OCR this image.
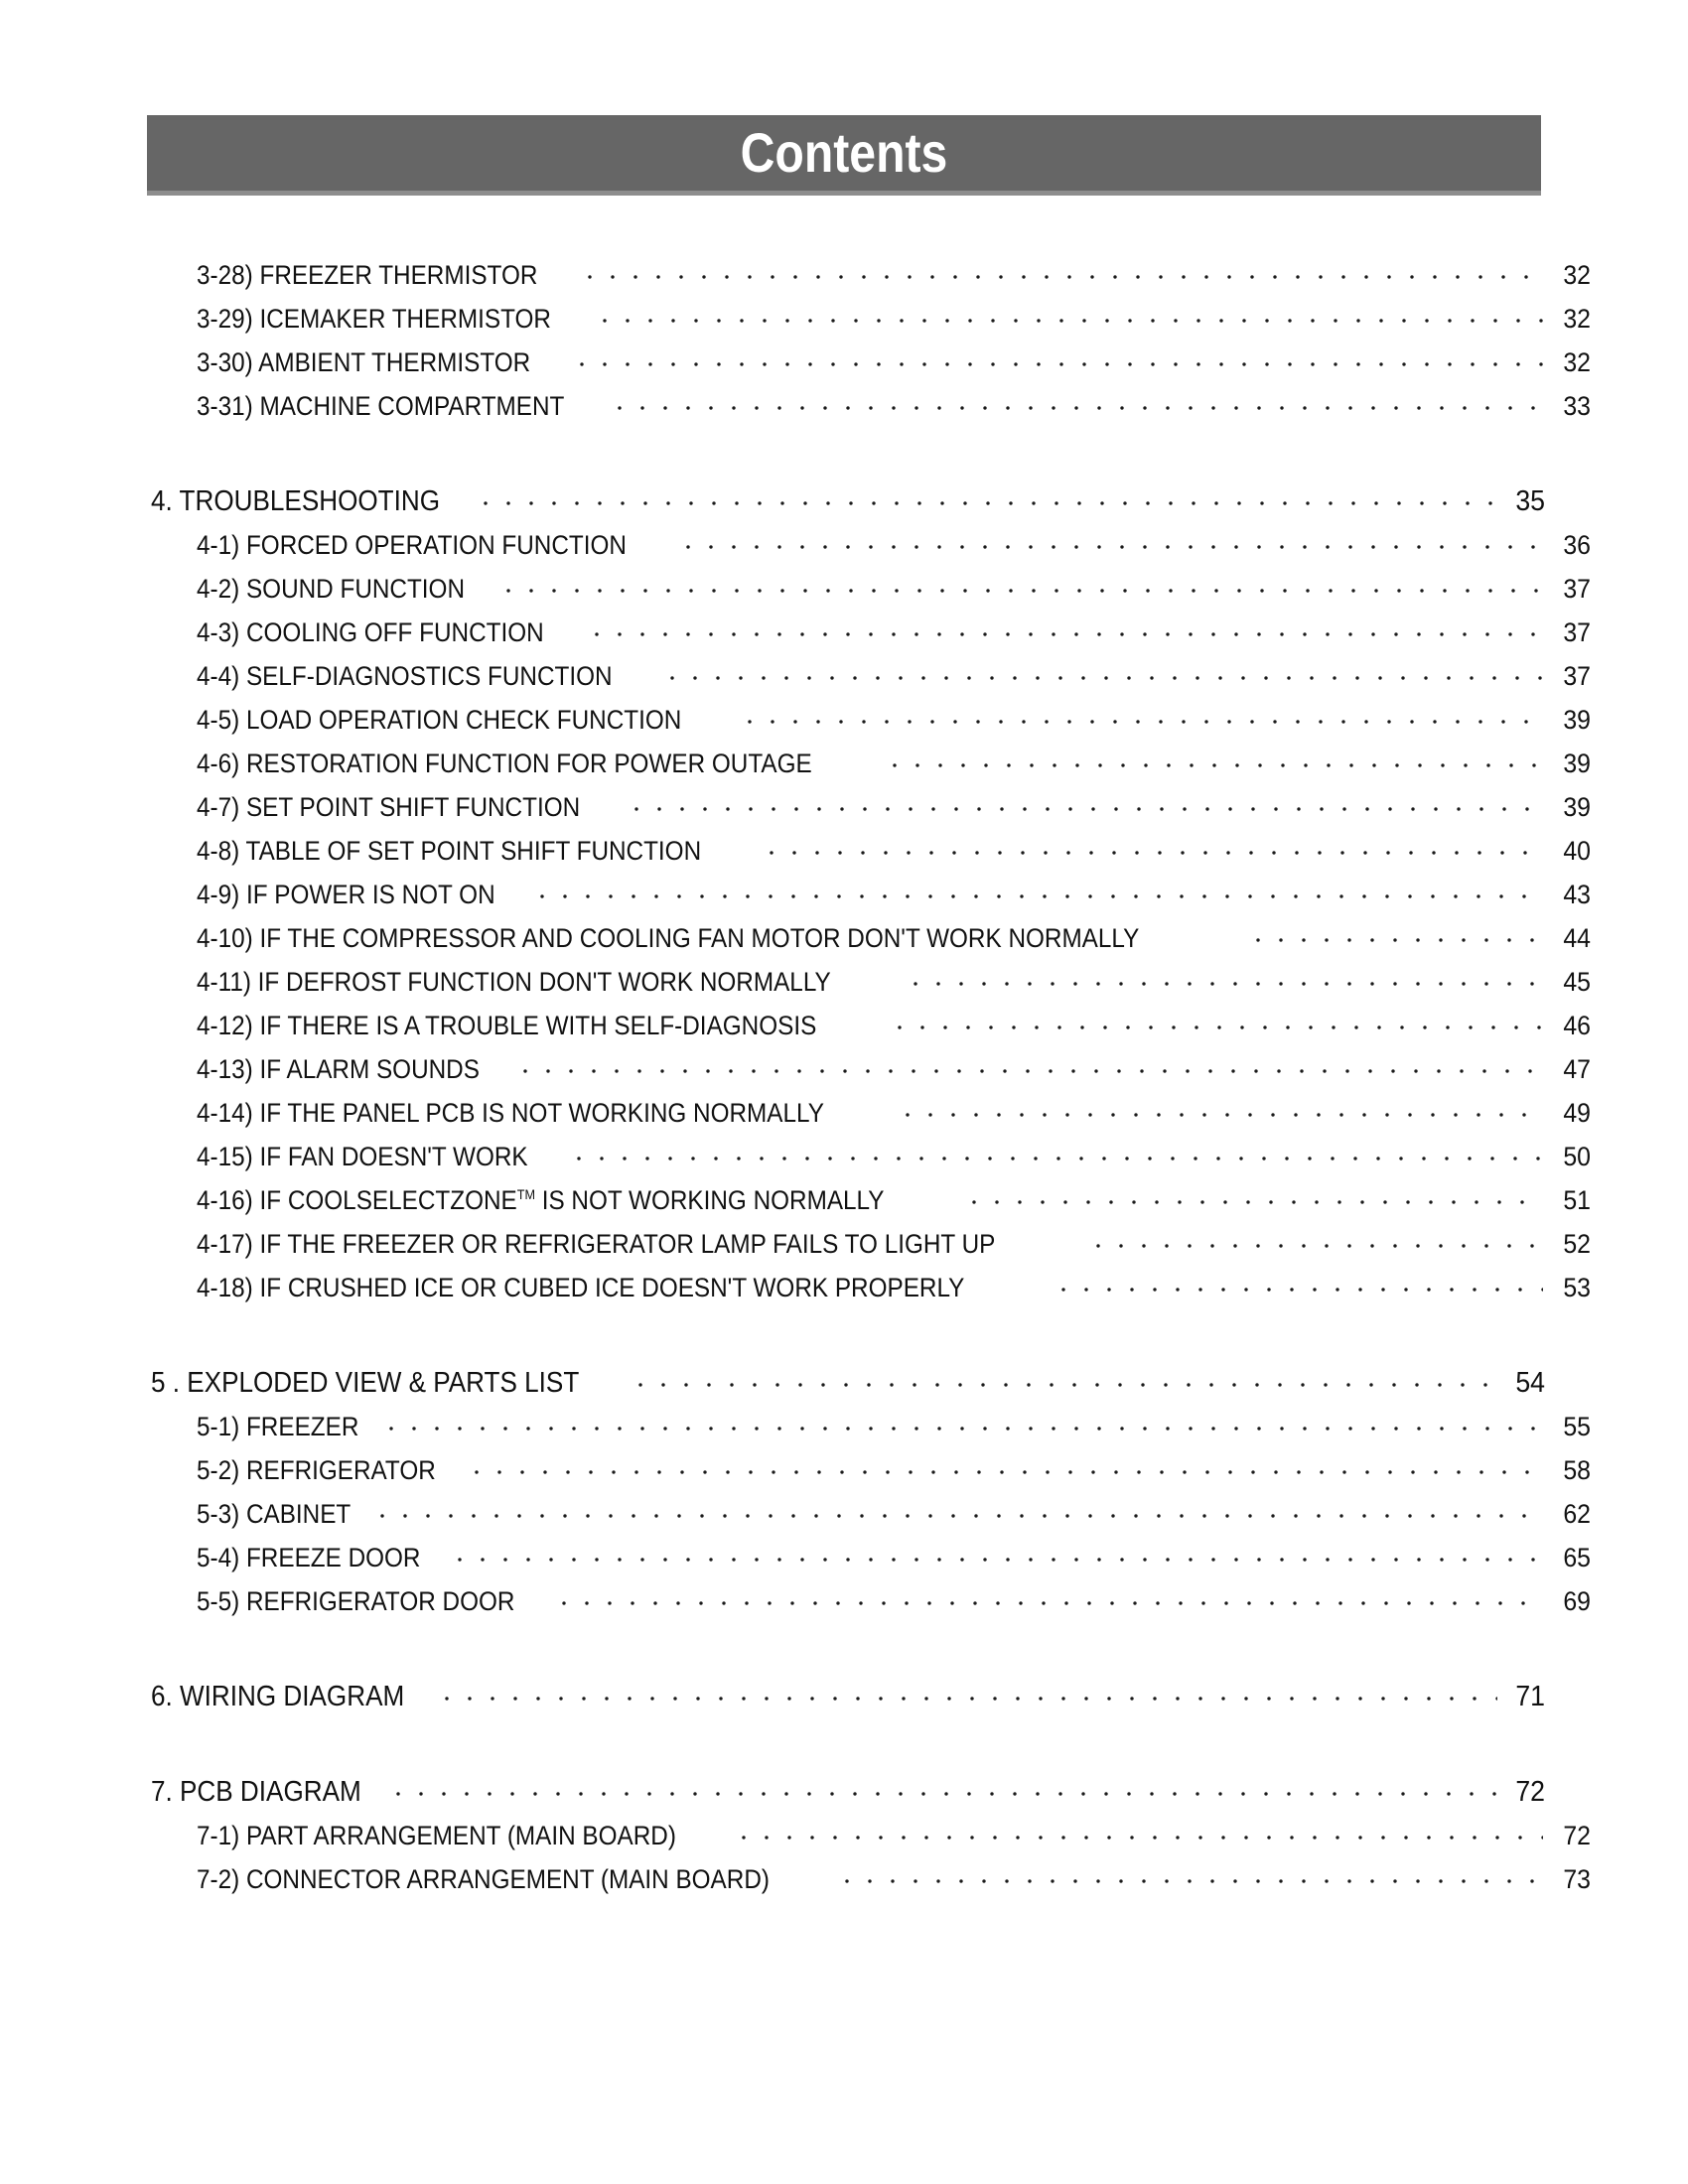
Contents
3-28) FREEZER THERMISTOR	32
3-29) ICEMAKER THERMISTOR	32
3-30) AMBIENT THERMISTOR	32
3-31) MACHINE COMPARTMENT	33
4. TROUBLESHOOTING	35
4-1) FORCED OPERATION FUNCTION	36
4-2) SOUND FUNCTION	37
4-3) COOLING OFF FUNCTION	37
4-4) SELF-DIAGNOSTICS FUNCTION	37
4-5) LOAD OPERATION CHECK FUNCTION	39
4-6) RESTORATION FUNCTION FOR POWER OUTAGE	39
4-7) SET POINT SHIFT FUNCTION	39
4-8) TABLE OF SET POINT SHIFT FUNCTION	40
4-9) IF POWER IS NOT ON	43
4-10) IF THE COMPRESSOR AND COOLING FAN MOTOR DON'T WORK NORMALLY	44
4-11) IF DEFROST FUNCTION DON'T WORK NORMALLY	45
4-12) IF THERE IS A TROUBLE WITH SELF-DIAGNOSIS	46
4-13) IF ALARM SOUNDS	47
4-14) IF THE PANEL PCB IS NOT WORKING NORMALLY	49
4-15) IF FAN DOESN'T WORK	50
4-16) IF COOLSELECTZONE™ IS NOT WORKING NORMALLY	51
4-17) IF THE FREEZER OR REFRIGERATOR LAMP FAILS TO LIGHT UP	52
4-18) IF CRUSHED ICE OR CUBED ICE DOESN'T WORK PROPERLY	53
5 . EXPLODED VIEW & PARTS LIST	54
5-1) FREEZER	55
5-2) REFRIGERATOR	58
5-3) CABINET	62
5-4) FREEZE DOOR	65
5-5) REFRIGERATOR DOOR	69
6. WIRING DIAGRAM	71
7. PCB DIAGRAM	72
7-1) PART ARRANGEMENT (MAIN BOARD)	72
7-2) CONNECTOR ARRANGEMENT (MAIN BOARD)	73
